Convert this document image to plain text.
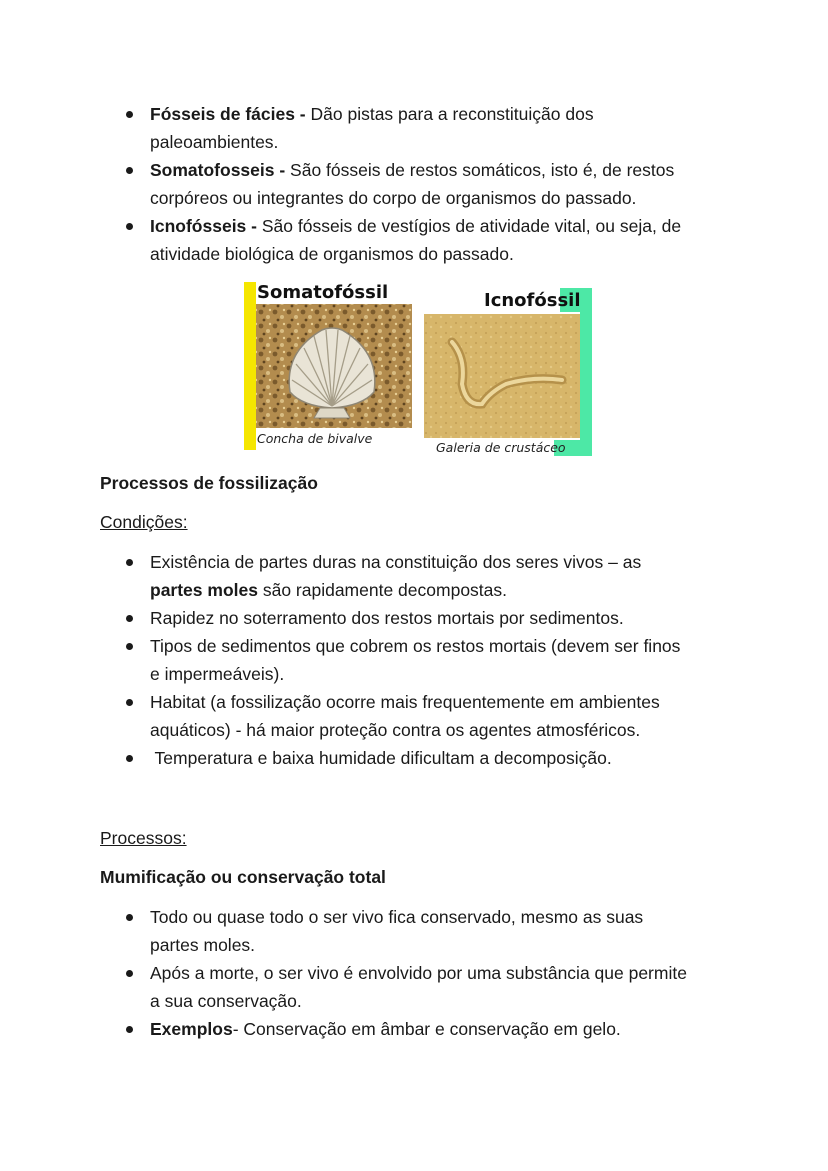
Fósseis de fácies - Dão pistas para a reconstituição dos
paleoambientes.
Somatofosseis - São fósseis de restos somáticos, isto é, de restos
corpóreos ou integrantes do corpo de organismos do passado.
Icnofósseis - São fósseis de vestígios de atividade vital, ou seja, de
atividade biológica de organismos do passado.
Somatofóssil
Concha de bivalve
Icnofóssil
Galeria de crustáceo
Processos de fossilização
Condições:
Existência de partes duras na constituição dos seres vivos – as
partes moles são rapidamente decompostas.
Rapidez no soterramento dos restos mortais por sedimentos.
Tipos de sedimentos que cobrem os restos mortais (devem ser finos
e impermeáveis).
Habitat (a fossilização ocorre mais frequentemente em ambientes
aquáticos) - há maior proteção contra os agentes atmosféricos.
Temperatura e baixa humidade dificultam a decomposição.
Processos:
Mumificação ou conservação total
Todo ou quase todo o ser vivo fica conservado, mesmo as suas
partes moles.
Após a morte, o ser vivo é envolvido por uma substância que permite
a sua conservação.
Exemplos- Conservação em âmbar e conservação em gelo.
